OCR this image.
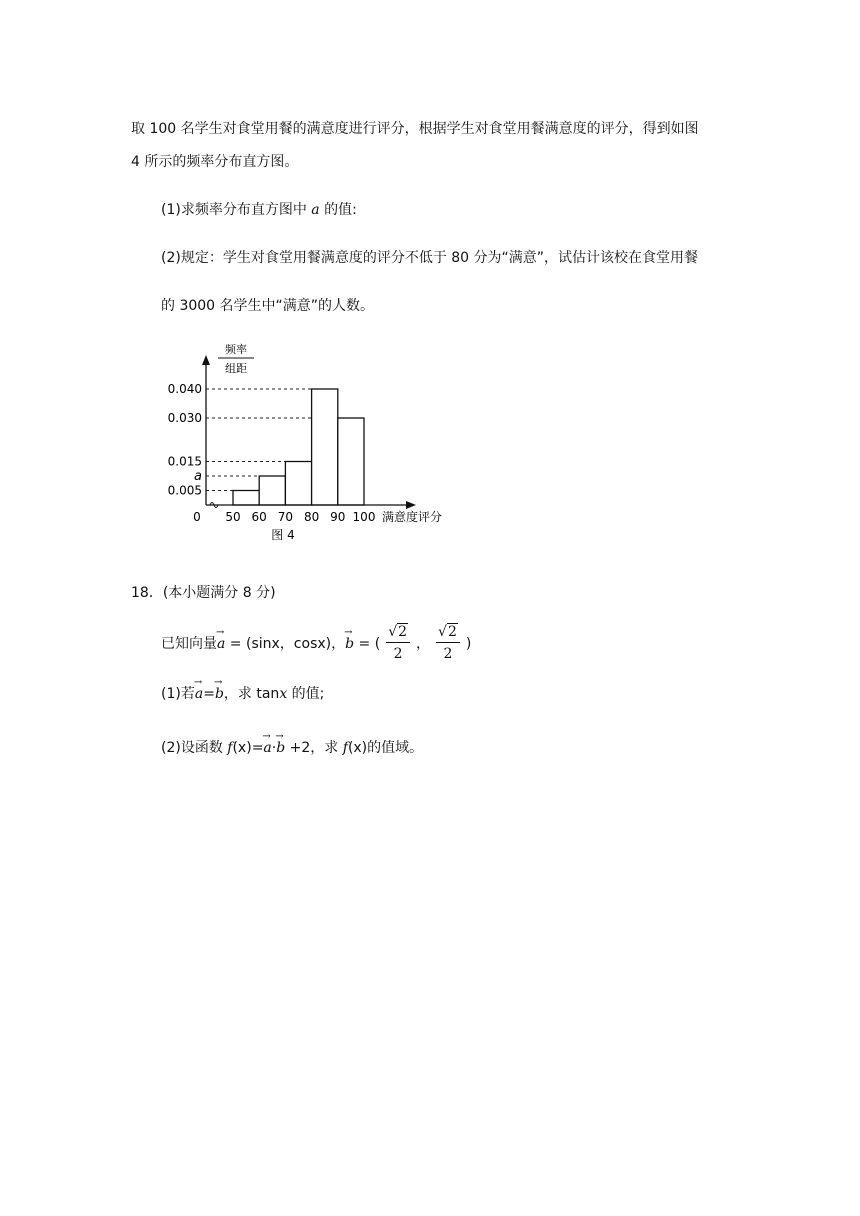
取 100 名学生对食堂用餐的满意度进行评分，根据学生对食堂用餐满意度的评分，得到如图
4 所示的频率分布直方图。
(1)求频率分布直方图中 a 的值:
(2)规定：学生对食堂用餐满意度的评分不低于 80 分为“满意”，试估计该校在食堂用餐
的 3000 名学生中“满意”的人数。
50 60 70 80 90 100
0.040
0.030
0.015
a
0.005
频率
组距
满意度评分
0
图 4
18．(本小题满分 8 分)
已知向量 → a = (sinx，cosx)， → b = ( $\frac{√2}{2}$ ， $\frac{√2}{2}$ )
(1)若→ a=→ b，求 tanx 的值;
(2)设函数 f(x)=→ a·→ b +2，求 f(x)的值域。
